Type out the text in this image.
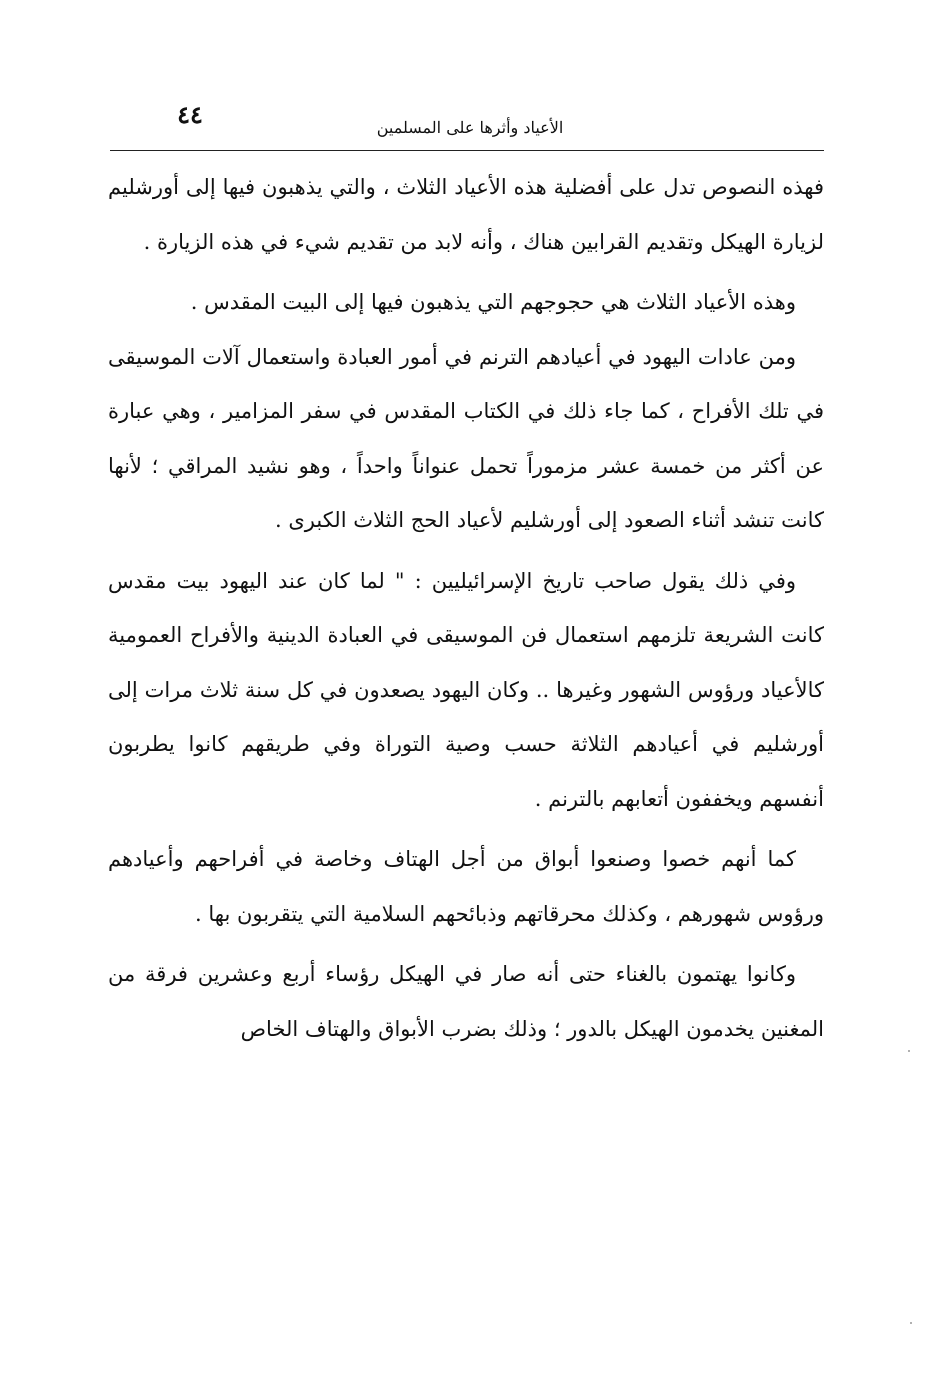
٤٤	الأعياد وأثرها على المسلمين

فهذه النصوص تدل على أفضلية هذه الأعياد الثلاث ، والتي يذهبون فيها إلى أورشليم لزيارة الهيكل وتقديم القرابين هناك ، وأنه لابد من تقديم شيء في هذه الزيارة .

وهذه الأعياد الثلاث هي حجوجهم التي يذهبون فيها إلى البيت المقدس .

ومن عادات اليهود في أعيادهم الترنم في أمور العبادة واستعمال آلات الموسيقى في تلك الأفراح ، كما جاء ذلك في الكتاب المقدس في سفر المزامير ، وهي عبارة عن أكثر من خمسة عشر مزموراً تحمل عنواناً واحداً ، وهو نشيد المراقي ؛ لأنها كانت تنشد أثناء الصعود إلى أورشليم لأعياد الحج الثلاث الكبرى .

وفي ذلك يقول صاحب تاريخ الإسرائيليين : " لما كان عند اليهود بيت مقدس كانت الشريعة تلزمهم استعمال فن الموسيقى في العبادة الدينية والأفراح العمومية كالأعياد ورؤوس الشهور وغيرها .. وكان اليهود يصعدون في كل سنة ثلاث مرات إلى أورشليم في أعيادهم الثلاثة حسب وصية التوراة وفي طريقهم كانوا يطربون أنفسهم ويخففون أتعابهم بالترنم .

كما أنهم خصوا وصنعوا أبواق من أجل الهتاف وخاصة في أفراحهم وأعيادهم ورؤوس شهورهم ، وكذلك محرقاتهم وذبائحهم السلامية التي يتقربون بها .

وكانوا يهتمون بالغناء حتى أنه صار في الهيكل رؤساء أربع وعشرين فرقة من المغنين يخدمون الهيكل بالدور ؛ وذلك بضرب الأبواق والهتاف الخاص
